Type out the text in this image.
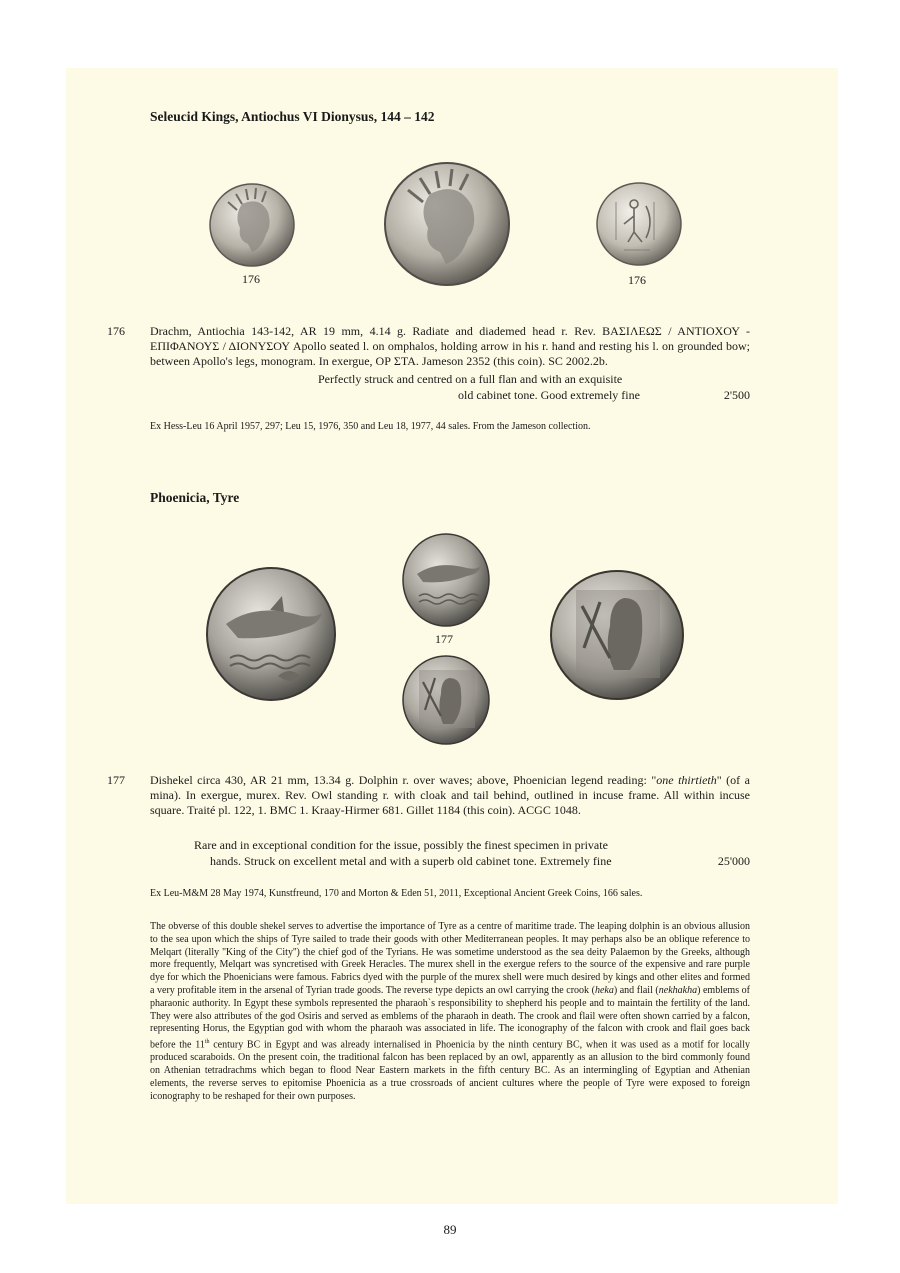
Seleucid Kings, Antiochus VI Dionysus, 144 – 142
176	176
176 Drachm, Antiochia 143-142, AR 19 mm, 4.14 g. Radiate and diademed head r. Rev. ΒΑΣΙΛΕΩΣ / ΑΝΤΙΟΧΟΥ - ΕΠΙΦΑΝΟΥΣ / ΔΙΟΝΥΣΟΥ Apollo seated l. on omphalos, holding arrow in his r. hand and resting his l. on grounded bow; between Apollo's legs, monogram. In exergue, ΟΡ ΣΤΑ. Jameson 2352 (this coin). SC 2002.2b.
Perfectly struck and centred on a full flan and with an exquisite
old cabinet tone. Good extremely fine	2'500
Ex Hess-Leu 16 April 1957, 297; Leu 15, 1976, 350 and Leu 18, 1977, 44 sales. From the Jameson collection.
Phoenicia, Tyre
177
177 Dishekel circa 430, AR 21 mm, 13.34 g. Dolphin r. over waves; above, Phoenician legend reading: "one thirtieth" (of a mina). In exergue, murex. Rev. Owl standing r. with cloak and tail behind, outlined in incuse frame. All within incuse square. Traité pl. 122, 1. BMC 1. Kraay-Hirmer 681. Gillet 1184 (this coin). ACGC 1048.
Rare and in exceptional condition for the issue, possibly the finest specimen in private
hands. Struck on excellent metal and with a superb old cabinet tone. Extremely fine	25'000
Ex Leu-M&M 28 May 1974, Kunstfreund, 170 and Morton & Eden 51, 2011, Exceptional Ancient Greek Coins, 166 sales.
The obverse of this double shekel serves to advertise the importance of Tyre as a centre of maritime trade. The leaping dolphin is an obvious allusion to the sea upon which the ships of Tyre sailed to trade their goods with other Mediterranean peoples. It may perhaps also be an oblique reference to Melqart (literally ''King of the City'') the chief god of the Tyrians. He was sometime understood as the sea deity Palaemon by the Greeks, although more frequently, Melqart was syncretised with Greek Heracles. The murex shell in the exergue refers to the source of the expensive and rare purple dye for which the Phoenicians were famous. Fabrics dyed with the purple of the murex shell were much desired by kings and other elites and formed a very profitable item in the arsenal of Tyrian trade goods. The reverse type depicts an owl carrying the crook (heka) and flail (nekhakha) emblems of pharaonic authority. In Egypt these symbols represented the pharaoh`s responsibility to shepherd his people and to maintain the fertility of the land. They were also attributes of the god Osiris and served as emblems of the pharaoh in death. The crook and flail were often shown carried by a falcon, representing Horus, the Egyptian god with whom the pharaoh was associated in life. The iconography of the falcon with crook and flail goes back before the 11th century BC in Egypt and was already internalised in Phoenicia by the ninth century BC, when it was used as a motif for locally produced scaraboids. On the present coin, the traditional falcon has been replaced by an owl, apparently as an allusion to the bird commonly found on Athenian tetradrachms which began to flood Near Eastern markets in the fifth century BC. As an intermingling of Egyptian and Athenian elements, the reverse serves to epitomise Phoenicia as a true crossroads of ancient cultures where the people of Tyre were exposed to foreign iconography to be reshaped for their own purposes.
89
